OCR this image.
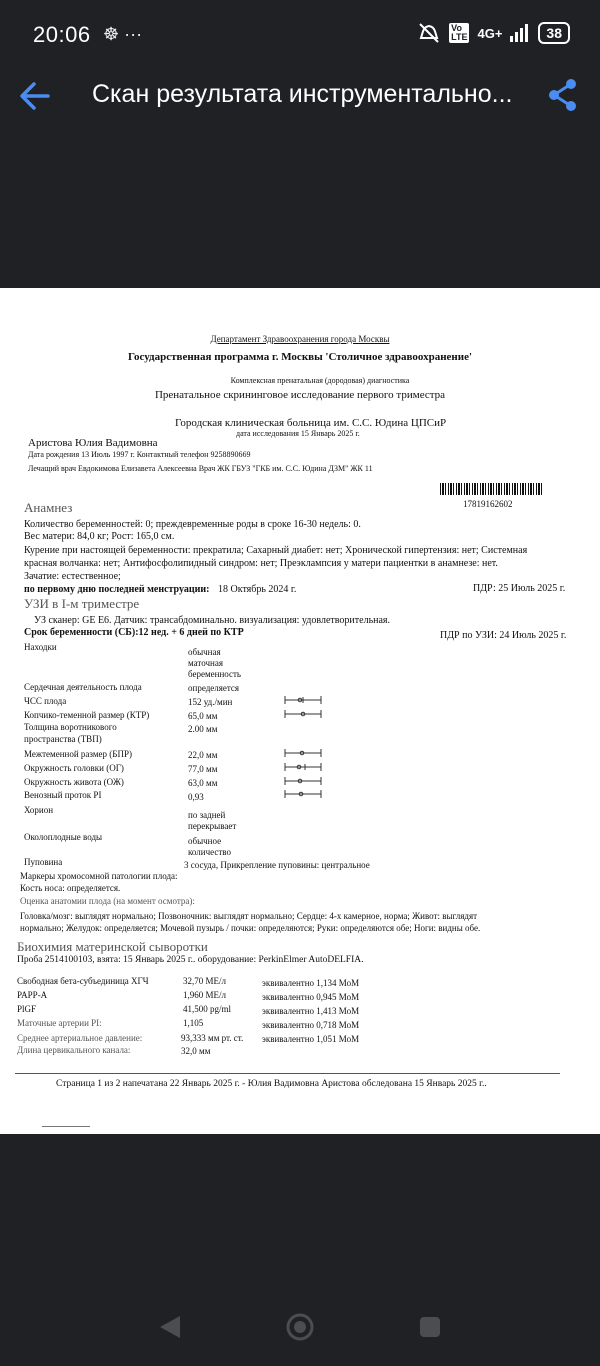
20:06 ☸ ···	Vo
LTE 4G+	38
Скан результата инструментально...
Департамент Здравоохранения города Москвы
Государственная программа г. Москвы 'Столичное здравоохранение'
Комплексная пренатальная (дородовая) диагностика
Пренатальное скрининговое исследование первого триместра
Городская клиническая больница им. С.С. Юдина ЦПСиР
дата исследования 15 Январь 2025 г.
Аристова Юлия Вадимовна
Дата рождения 13 Июль 1997 г. Контактный телефон 9258890669
Лечащий врач Евдокимова Елизавета Алексеевна Врач ЖК ГБУЗ "ГКБ им. С.С. Юдина ДЗМ" ЖК 11
17819162602
Анамнез
Количество беременностей: 0; преждевременные роды в сроке 16-30 недель: 0.
Вес матери: 84,0 кг; Рост: 165,0 см.
Курение при настоящей беременности: прекратила; Сахарный диабет: нет; Хронической гипертензия: нет; Системная
красная волчанка: нет; Антифосфолипидный синдром: нет; Преэклампсия у матери пациентки в анамнезе: нет.
Зачатие: естественное;
по первому дню последней менструации: 18 Октябрь 2024 г.	ПДР: 25 Июль 2025 г.
УЗИ в I-м триместре
УЗ сканер: GE E6. Датчик: трансабдоминально. визуализация: удовлетворительная.
Срок беременности (СБ):12 нед. + 6 дней по КТР	ПДР по УЗИ: 24 Июль 2025 г.
Находки	обычная
маточная
беременность
Сердечная деятельность плода	определяется
ЧСС плода	152 уд./мин
Копчико-теменной размер (КТР)	65,0 мм
Толщина воротникового	2.00 мм
пространства (ТВП)
Межтеменной размер (БПР)	22,0 мм
Окружность головки (ОГ)	77,0 мм
Окружность живота (ОЖ)	63,0 мм
Венозный проток PI	0,93
Хорион	по задней
перекрывает
Околоплодные воды	обычное
количество
Пуповина	3 сосуда, Прикрепление пуповины: центральное
Маркеры хромосомной патологии плода:
Кость носа: определяется.
Оценка анатомии плода (на момент осмотра):
Головка/мозг: выглядят нормально; Позвоночник: выглядят нормально; Сердце: 4-х камерное, норма; Живот: выглядят
нормально; Желудок: определяется; Мочевой пузырь / почки: определяются; Руки: определяются обе; Ноги: видны обе.
Биохимия материнской сыворотки
Проба 2514100103, взята: 15 Январь 2025 г.. оборудование: PerkinElmer AutoDELFIA.
Свободная бета-субъединица ХГЧ	32,70 МЕ/л	эквивалентно 1,134 МоМ
PAPP-A	1,960 МЕ/л	эквивалентно 0,945 МоМ
PlGF	41,500 pg/ml	эквивалентно 1,413 МоМ
Маточные артерии PI:	1,105	эквивалентно 0,718 МоМ
Среднее артериальное давление:	93,333 мм рт. ст. эквивалентно 1,051 МоМ
Длина цервикального канала:	32,0 мм
Страница 1 из 2 напечатана 22 Январь 2025 г. - Юлия Вадимовна Аристова обследована 15 Январь 2025 г..
